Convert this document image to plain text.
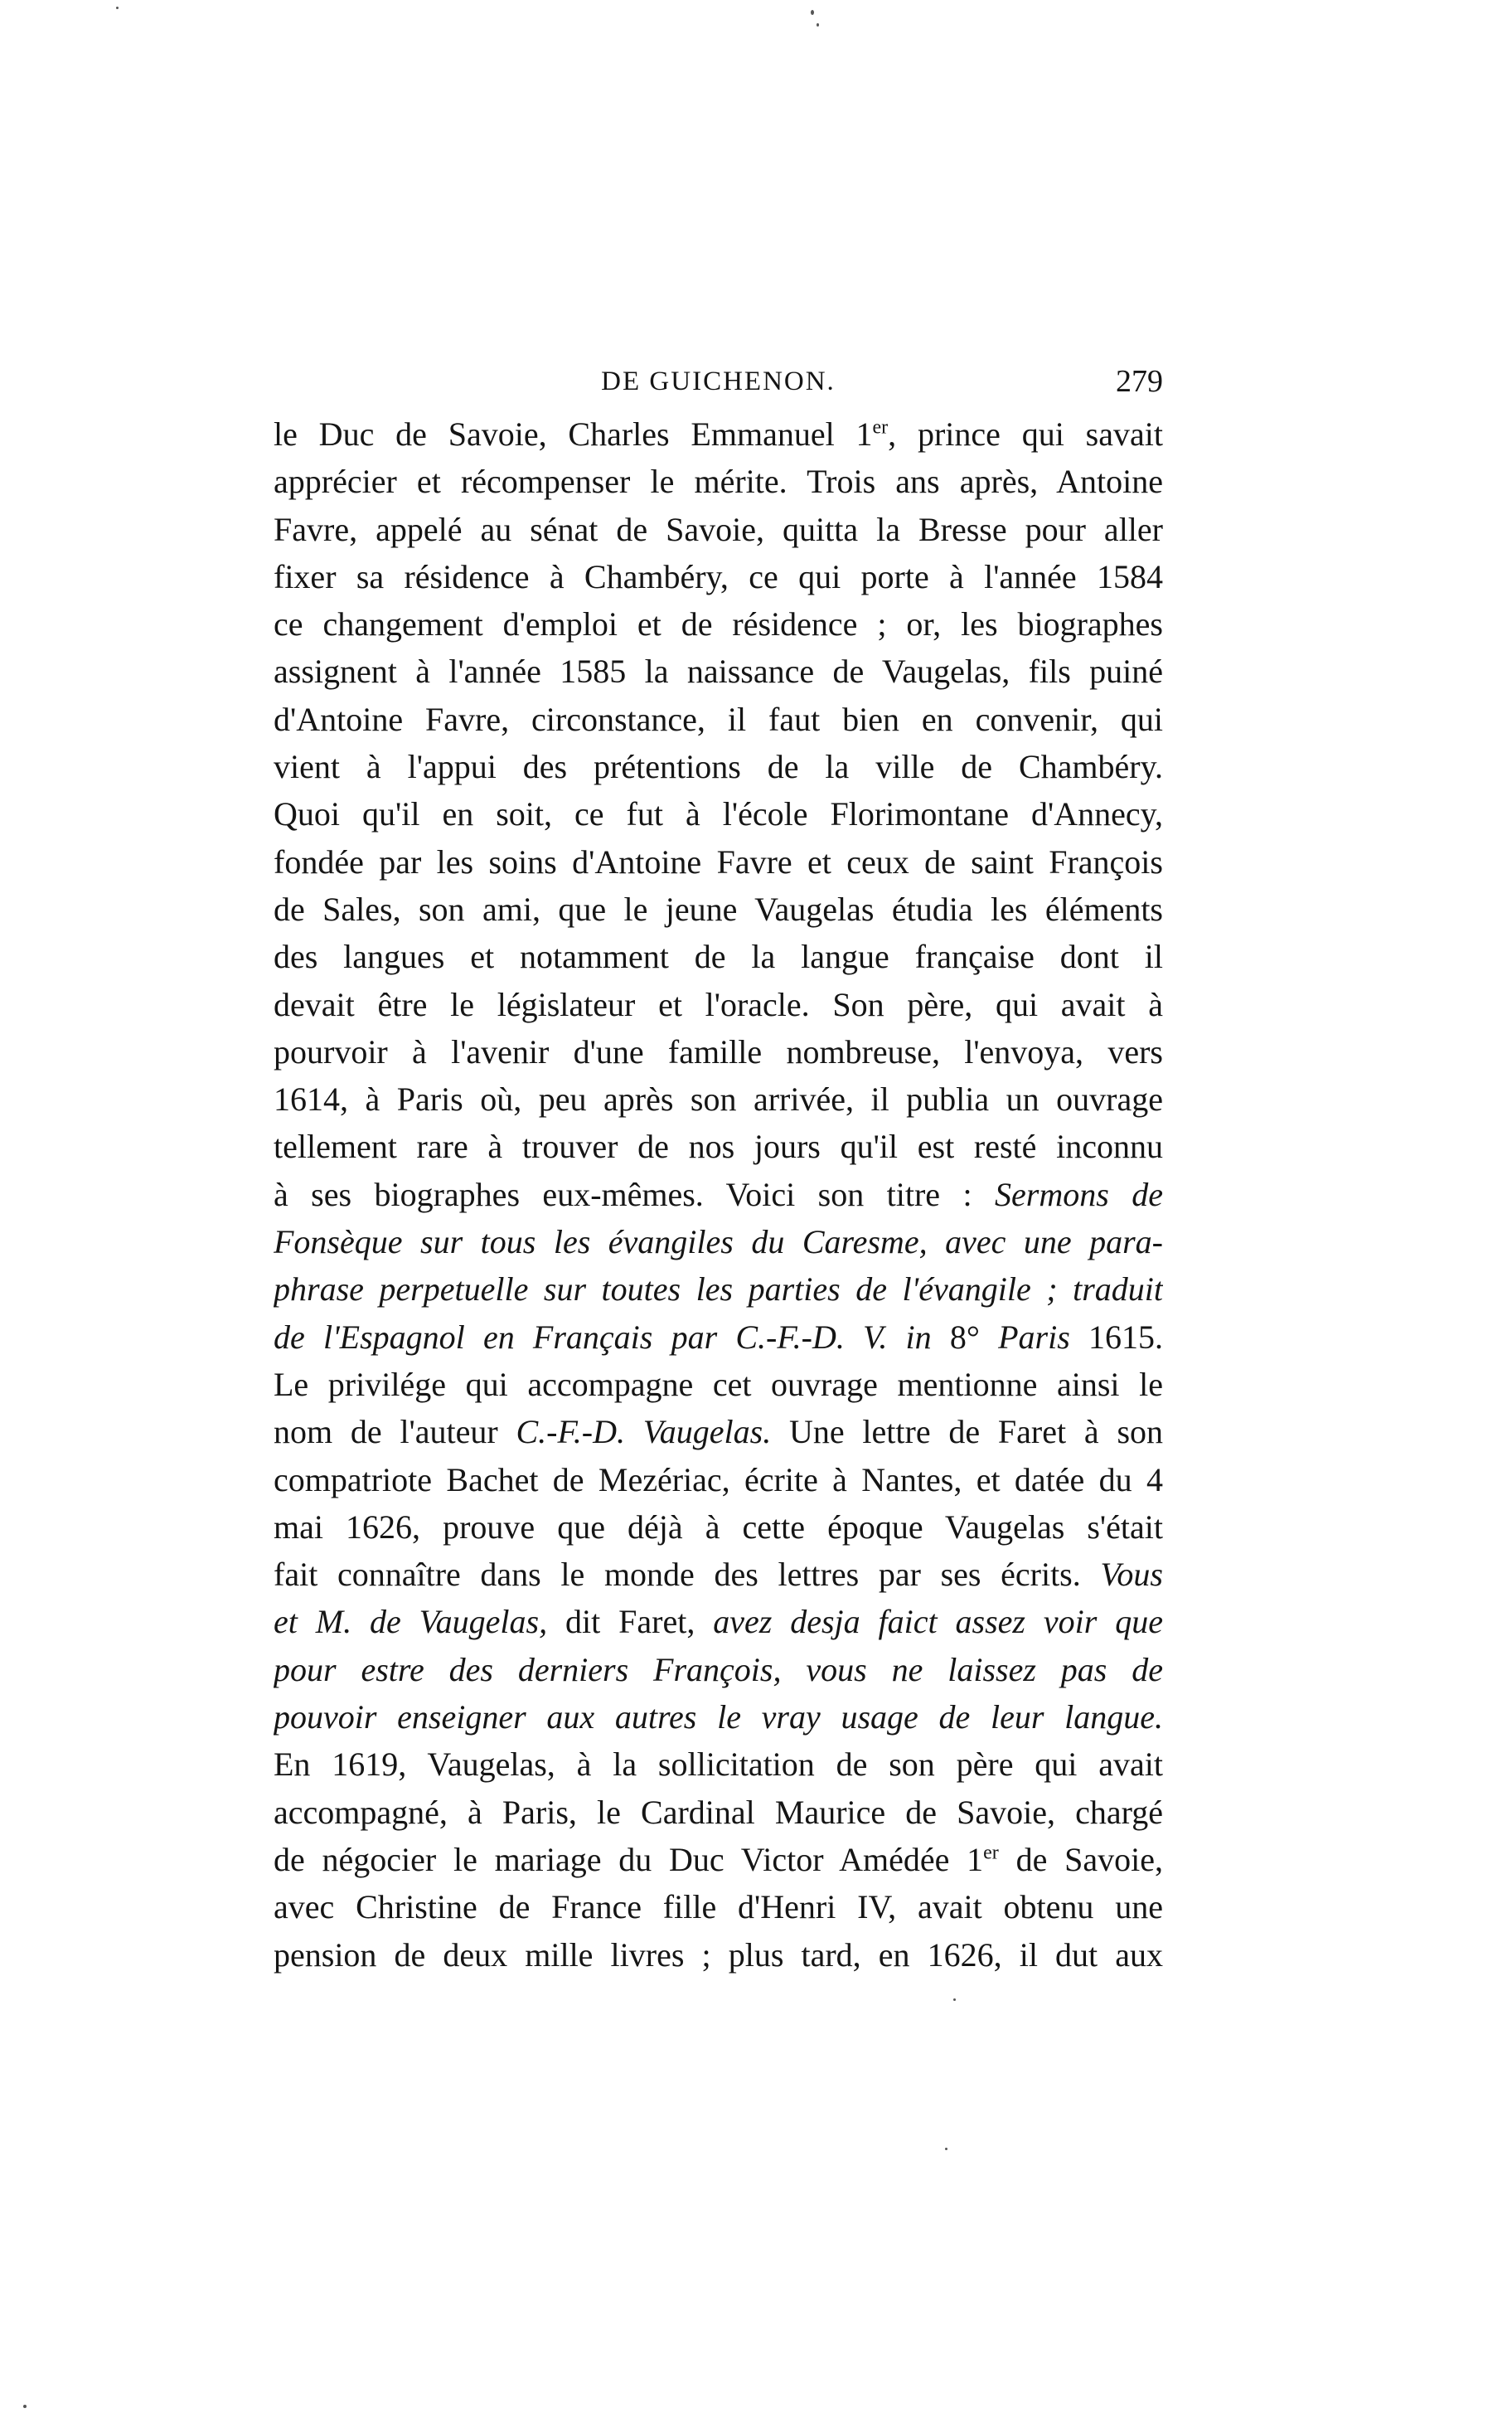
DE GUICHENON.	279
le Duc de Savoie, Charles Emmanuel 1er, prince qui savait
apprécier et récompenser le mérite. Trois ans après, Antoine
Favre, appelé au sénat de Savoie, quitta la Bresse pour aller
fixer sa résidence à Chambéry, ce qui porte à l'année 1584
ce changement d'emploi et de résidence ; or, les biographes
assignent à l'année 1585 la naissance de Vaugelas, fils puiné
d'Antoine Favre, circonstance, il faut bien en convenir, qui
vient à l'appui des prétentions de la ville de Chambéry.
Quoi qu'il en soit, ce fut à l'école Florimontane d'Annecy,
fondée par les soins d'Antoine Favre et ceux de saint François
de Sales, son ami, que le jeune Vaugelas étudia les éléments
des langues et notamment de la langue française dont il
devait être le législateur et l'oracle. Son père, qui avait à
pourvoir à l'avenir d'une famille nombreuse, l'envoya, vers
1614, à Paris où, peu après son arrivée, il publia un ouvrage
tellement rare à trouver de nos jours qu'il est resté inconnu
à ses biographes eux-mêmes. Voici son titre : Sermons de
Fonsèque sur tous les évangiles du Caresme, avec une para-
phrase perpetuelle sur toutes les parties de l'évangile ; traduit
de l'Espagnol en Français par C.-F.-D. V. in 8° Paris 1615.
Le privilége qui accompagne cet ouvrage mentionne ainsi le
nom de l'auteur C.-F.-D. Vaugelas. Une lettre de Faret à son
compatriote Bachet de Mezériac, écrite à Nantes, et datée du 4
mai 1626, prouve que déjà à cette époque Vaugelas s'était
fait connaître dans le monde des lettres par ses écrits. Vous
et M. de Vaugelas, dit Faret, avez desja faict assez voir que
pour estre des derniers François, vous ne laissez pas de
pouvoir enseigner aux autres le vray usage de leur langue.
En 1619, Vaugelas, à la sollicitation de son père qui avait
accompagné, à Paris, le Cardinal Maurice de Savoie, chargé
de négocier le mariage du Duc Victor Amédée 1er de Savoie,
avec Christine de France fille d'Henri IV, avait obtenu une
pension de deux mille livres ; plus tard, en 1626, il dut aux
